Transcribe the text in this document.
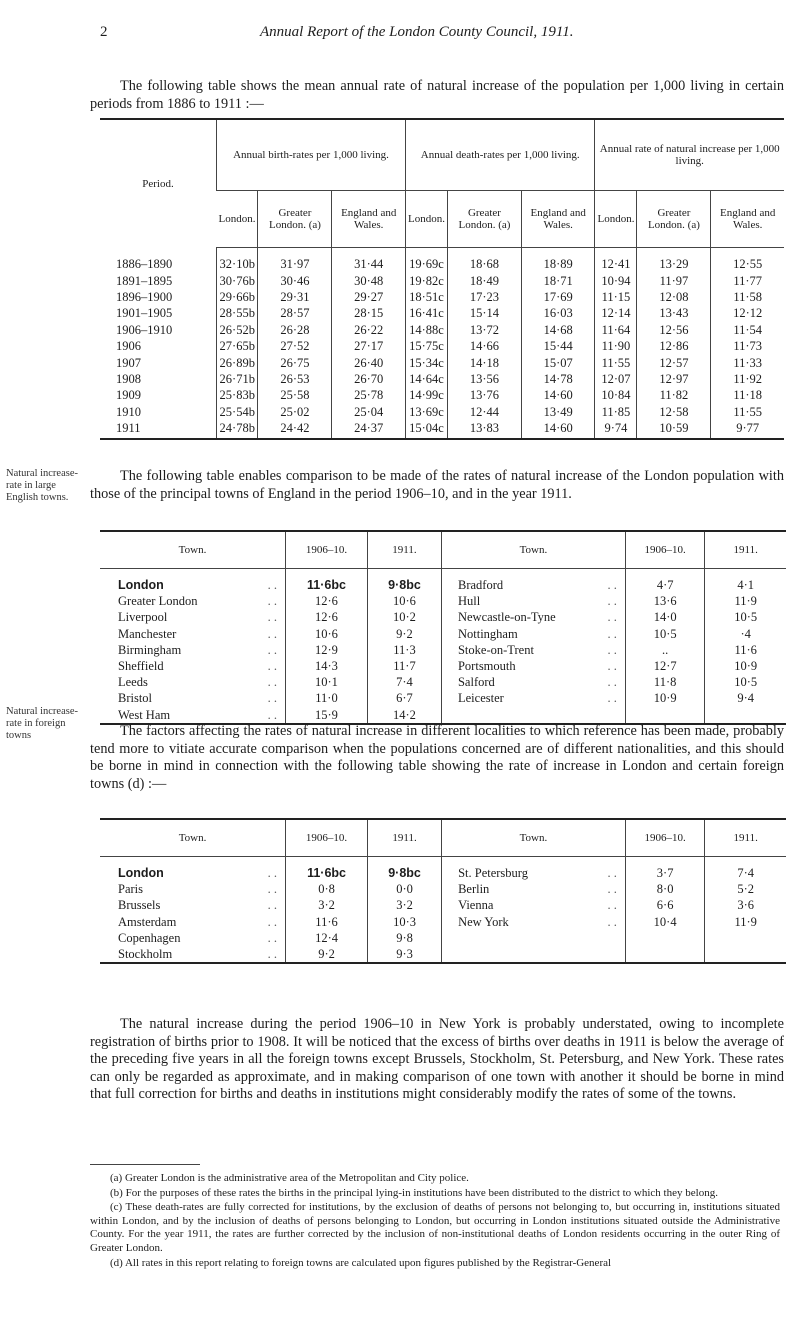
2	Annual Report of the London County Council, 1911.

The following table shows the mean annual rate of natural increase of the population per 1,000 living in certain periods from 1886 to 1911 :—

Period.	Annual birth-rates per 1,000 living.			Annual death-rates per 1,000 living.			Annual rate of natural increase per 1,000 living.		
	London.	Greater London. (a)	England and Wales.	London.	Greater London. (a)	England and Wales.	London.	Greater London. (a)	England and Wales.
1886–1890	32·10b	31·97	31·44	19·69c	18·68	18·89	12·41	13·29	12·55
1891–1895	30·76b	30·46	30·48	19·82c	18·49	18·71	10·94	11·97	11·77
1896–1900	29·66b	29·31	29·27	18·51c	17·23	17·69	11·15	12·08	11·58
1901–1905	28·55b	28·57	28·15	16·41c	15·14	16·03	12·14	13·43	12·12
1906–1910	26·52b	26·28	26·22	14·88c	13·72	14·68	11·64	12·56	11·54
1906	27·65b	27·52	27·17	15·75c	14·66	15·44	11·90	12·86	11·73
1907	26·89b	26·75	26·40	15·34c	14·18	15·07	11·55	12·57	11·33
1908	26·71b	26·53	26·70	14·64c	13·56	14·78	12·07	12·97	11·92
1909	25·83b	25·58	25·78	14·99c	13·76	14·60	10·84	11·82	11·18
1910	25·54b	25·02	25·04	13·69c	12·44	13·49	11·85	12·58	11·55
1911	24·78b	24·42	24·37	15·04c	13·83	14·60	9·74	10·59	9·77
Natural increase-rate in large English towns.

The following table enables comparison to be made of the rates of natural increase of the London population with those of the principal towns of England in the period 1906–10, and in the year 1911.

Town.	1906–10.	1911.	Town.	1906–10.	1911.
London . .	11·6bc	9·8bc	Bradford . .	4·7	4·1
Greater London . .	12·6	10·6	Hull . .	13·6	11·9
Liverpool . .	12·6	10·2	Newcastle-on-Tyne . .	14·0	10·5
Manchester . .	10·6	9·2	Nottingham . .	10·5	·4
Birmingham . .	12·9	11·3	Stoke-on-Trent . .	..	11·6
Sheffield . .	14·3	11·7	Portsmouth . .	12·7	10·9
Leeds . .	10·1	7·4	Salford . .	11·8	10·5
Bristol . .	11·0	6·7	Leicester . .	10·9	9·4
West Ham . .	15·9	14·2			
Natural increase-rate in foreign towns	The factors affecting the rates of natural increase in different localities to which reference has been made, probably tend more to vitiate accurate comparison when the populations concerned are of different nationalities, and this should be borne in mind in connection with the following table showing the rate of increase in London and certain foreign towns (d) :—

Town.	1906–10.	1911.	Town.	1906–10.	1911.
London . .	11·6bc	9·8bc	St. Petersburg . .	3·7	7·4
Paris . .	0·8	0·0	Berlin . .	8·0	5·2
Brussels . .	3·2	3·2	Vienna . .	6·6	3·6
Amsterdam . .	11·6	10·3	New York . .	10·4	11·9
Copenhagen . .	12·4	9·8			
Stockholm . .	9·2	9·3			

The natural increase during the period 1906–10 in New York is probably understated, owing to incomplete registration of births prior to 1908. It will be noticed that the excess of births over deaths in 1911 is below the average of the preceding five years in all the foreign towns except Brussels, Stockholm, St. Petersburg, and New York. These rates can only be regarded as approximate, and in making comparison of one town with another it should be borne in mind that full correction for births and deaths in institutions might considerably modify the rates of some of the towns.

(a) Greater London is the administrative area of the Metropolitan and City police.

(b) For the purposes of these rates the births in the principal lying-in institutions have been distributed to the district to which they belong.

(c) These death-rates are fully corrected for institutions, by the exclusion of deaths of persons not belonging to, but occurring in, institutions situated within London, and by the inclusion of deaths of persons belonging to London, but occurring in London institutions situated outside the Administrative County. For the year 1911, the rates are further corrected by the inclusion of non-institutional deaths of London residents occurring in the outer Ring of Greater London.

(d) All rates in this report relating to foreign towns are calculated upon figures published by the Registrar-General
